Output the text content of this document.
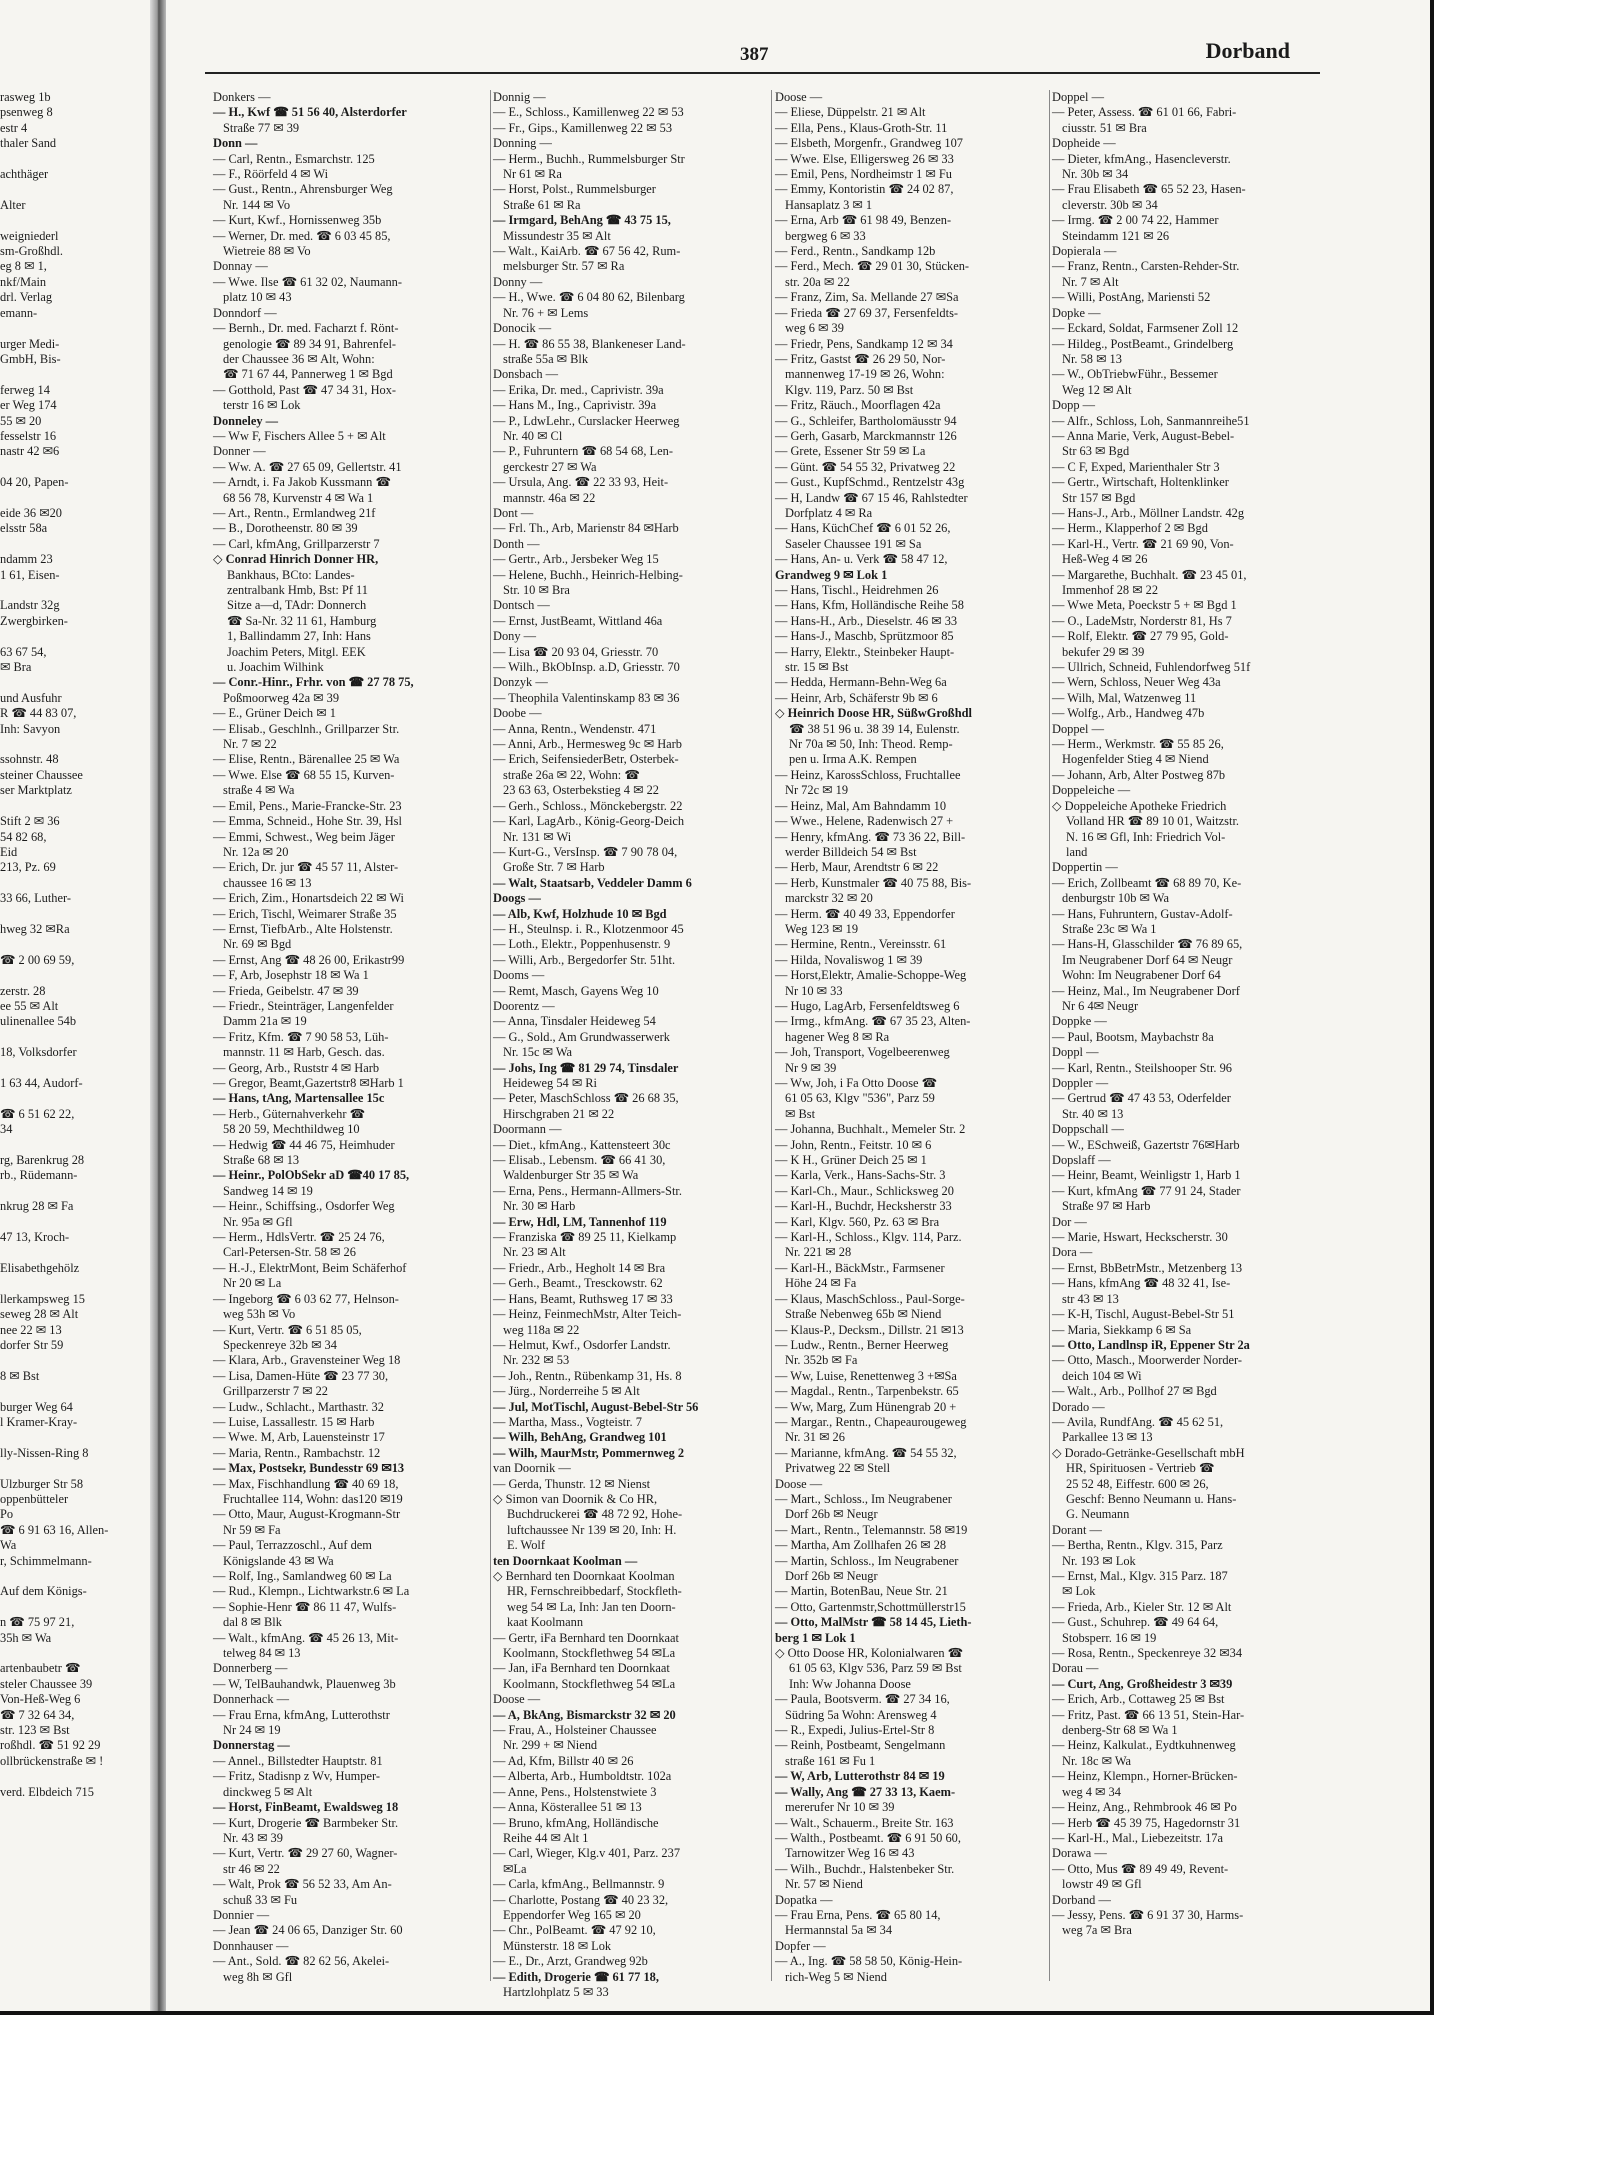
387	Dorband
rasweg 1b
psenweg 8
estr 4
thaler Sand

achthäger

Alter

weigniederl
sm-Großhdl.
eg 8 ✉ 1,
nkf/Main
drl. Verlag
emann-

urger Medi-
GmbH, Bis-

ferweg 14
er Weg 174
55 ✉ 20
fesselstr 16
nastr 42 ✉6

04 20, Papen-

eide 36 ✉20
elsstr 58a

ndamm 23
1 61, Eisen-

Landstr 32g
Zwergbirken-

63 67 54,
✉ Bra

und Ausfuhr
R ☎ 44 83 07,
Inh: Savyon

ssohnstr. 48
steiner Chaussee
ser Marktplatz

Stift 2 ✉ 36
54 82 68,
Eid
213, Pz. 69

33 66, Luther-

hweg 32 ✉Ra

☎ 2 00 69 59,

zerstr. 28
ee 55 ✉ Alt
ulinenallee 54b

18, Volksdorfer

1 63 44, Audorf-

☎ 6 51 62 22,
34

rg, Barenkrug 28
rb., Rüdemann-

nkrug 28 ✉ Fa

47 13, Kroch-

Elisabethgehölz

llerkampsweg 15
seweg 28 ✉ Alt
nee 22 ✉ 13
dorfer Str 59

8 ✉ Bst

burger Weg 64
l Kramer-Kray-

lly-Nissen-Ring 8

Ulzburger Str 58
oppenbütteler
Po
☎ 6 91 63 16, Allen-
Wa
r, Schimmelmann-

Auf dem Königs-

n ☎ 75 97 21,
35h ✉ Wa

artenbaubetr ☎
steler Chaussee 39
Von-Heß-Weg 6
☎ 7 32 64 34,
str. 123 ✉ Bst
roßhdl. ☎ 51 92 29
ollbrückenstraße ✉ !

verd. Elbdeich 715
Donkers —
— H., Kwf ☎ 51 56 40, Alsterdorfer
Straße 77 ✉ 39
Donn —
— Carl, Rentn., Esmarchstr. 125
— F., Röörfeld 4 ✉ Wi
— Gust., Rentn., Ahrensburger Weg
Nr. 144 ✉ Vo
— Kurt, Kwf., Hornissenweg 35b
— Werner, Dr. med. ☎ 6 03 45 85,
Wietreie 88 ✉ Vo
Donnay —
— Wwe. Ilse ☎ 61 32 02, Naumann-
platz 10 ✉ 43
Donndorf —
— Bernh., Dr. med. Facharzt f. Rönt-
genologie ☎ 89 34 91, Bahrenfel-
der Chaussee 36 ✉ Alt, Wohn:
☎ 71 67 44, Pannerweg 1 ✉ Bgd
— Gotthold, Past ☎ 47 34 31, Hox-
terstr 16 ✉ Lok
Donneley —
— Ww F, Fischers Allee 5 + ✉ Alt
Donner —
— Ww. A. ☎ 27 65 09, Gellertstr. 41
— Arndt, i. Fa Jakob Kussmann ☎
68 56 78, Kurvenstr 4 ✉ Wa 1
— Art., Rentn., Ermlandweg 21f
— B., Dorotheenstr. 80 ✉ 39
— Carl, kfmAng, Grillparzerstr 7
◇ Conrad Hinrich Donner HR,
Bankhaus, BCto: Landes-
zentralbank Hmb, Bst: Pf 11
Sitze a—d, TAdr: Donnerch
☎ Sa-Nr. 32 11 61, Hamburg
1, Ballindamm 27, Inh: Hans
Joachim Peters, Mitgl. EEK
u. Joachim Wilhink
— Conr.-Hinr., Frhr. von ☎ 27 78 75,
Poßmoorweg 42a ✉ 39
— E., Grüner Deich ✉ 1
— Elisab., Geschlnh., Grillparzer Str.
Nr. 7 ✉ 22
— Elise, Rentn., Bärenallee 25 ✉ Wa
— Wwe. Else ☎ 68 55 15, Kurven-
straße 4 ✉ Wa
— Emil, Pens., Marie-Francke-Str. 23
— Emma, Schneid., Hohe Str. 39, Hsl
— Emmi, Schwest., Weg beim Jäger
Nr. 12a ✉ 20
— Erich, Dr. jur ☎ 45 57 11, Alster-
chaussee 16 ✉ 13
— Erich, Zim., Honartsdeich 22 ✉ Wi
— Erich, Tischl, Weimarer Straße 35
— Ernst, TiefbArb., Alte Holstenstr.
Nr. 69 ✉ Bgd
— Ernst, Ang ☎ 48 26 00, Erikastr99
— F, Arb, Josephstr 18 ✉ Wa 1
— Frieda, Geibelstr. 47 ✉ 39
— Friedr., Steinträger, Langenfelder
Damm 21a ✉ 19
— Fritz, Kfm. ☎ 7 90 58 53, Lüh-
mannstr. 11 ✉ Harb, Gesch. das.
— Georg, Arb., Ruststr 4 ✉ Harb
— Gregor, Beamt,Gazertstr8 ✉Harb 1
— Hans, tAng, Martensallee 15c
— Herb., Güternahverkehr ☎
58 20 59, Mechthildweg 10
— Hedwig ☎ 44 46 75, Heimhuder
Straße 68 ✉ 13
— Heinr., PolObSekr aD ☎40 17 85,
Sandweg 14 ✉ 19
— Heinr., Schiffsing., Osdorfer Weg
Nr. 95a ✉ Gfl
— Herm., HdlsVertr. ☎ 25 24 76,
Carl-Petersen-Str. 58 ✉ 26
— H.-J., ElektrMont, Beim Schäferhof
Nr 20 ✉ La
— Ingeborg ☎ 6 03 62 77, Helnson-
weg 53h ✉ Vo
— Kurt, Vertr. ☎ 6 51 85 05,
Speckenreye 32b ✉ 34
— Klara, Arb., Gravensteiner Weg 18
— Lisa, Damen-Hüte ☎ 23 77 30,
Grillparzerstr 7 ✉ 22
— Ludw., Schlacht., Marthastr. 32
— Luise, Lassallestr. 15 ✉ Harb
— Wwe. M, Arb, Lauensteinstr 17
— Maria, Rentn., Rambachstr. 12
— Max, Postsekr, Bundesstr 69 ✉13
— Max, Fischhandlung ☎ 40 69 18,
Fruchtallee 114, Wohn: das120 ✉19
— Otto, Maur, August-Krogmann-Str
Nr 59 ✉ Fa
— Paul, Terrazzoschl., Auf dem
Königslande 43 ✉ Wa
— Rolf, Ing., Samlandweg 60 ✉ La
— Rud., Klempn., Lichtwarkstr.6 ✉ La
— Sophie-Henr ☎ 86 11 47, Wulfs-
dal 8 ✉ Blk
— Walt., kfmAng. ☎ 45 26 13, Mit-
telweg 84 ✉ 13
Donnerberg —
— W, TelBauhandwk, Plauenweg 3b
Donnerhack —
— Frau Erna, kfmAng, Lutterothstr
Nr 24 ✉ 19
Donnerstag —
— Annel., Billstedter Hauptstr. 81
— Fritz, Stadisnp z Wv, Humper-
dinckweg 5 ✉ Alt
— Horst, FinBeamt, Ewaldsweg 18
— Kurt, Drogerie ☎ Barmbeker Str.
Nr. 43 ✉ 39
— Kurt, Vertr. ☎ 29 27 60, Wagner-
str 46 ✉ 22
— Walt, Prok ☎ 56 52 33, Am An-
schuß 33 ✉ Fu
Donnier —
— Jean ☎ 24 06 65, Danziger Str. 60
Donnhauser —
— Ant., Sold. ☎ 82 62 56, Akelei-
weg 8h ✉ Gfl
Donnig —
— E., Schloss., Kamillenweg 22 ✉ 53
— Fr., Gips., Kamillenweg 22 ✉ 53
Donning —
— Herm., Buchh., Rummelsburger Str
Nr 61 ✉ Ra
— Horst, Polst., Rummelsburger
Straße 61 ✉ Ra
— Irmgard, BehAng ☎ 43 75 15,
Missundestr 35 ✉ Alt
— Walt., KaiArb. ☎ 67 56 42, Rum-
melsburger Str. 57 ✉ Ra
Donny —
— H., Wwe. ☎ 6 04 80 62, Bilenbarg
Nr. 76 + ✉ Lems
Donocik —
— H. ☎ 86 55 38, Blankeneser Land-
straße 55a ✉ Blk
Donsbach —
— Erika, Dr. med., Caprivistr. 39a
— Hans M., Ing., Caprivistr. 39a
— P., LdwLehr., Curslacker Heerweg
Nr. 40 ✉ Cl
— P., Fuhruntern ☎ 68 54 68, Len-
gerckestr 27 ✉ Wa
— Ursula, Ang. ☎ 22 33 93, Heit-
mannstr. 46a ✉ 22
Dont —
— Frl. Th., Arb, Marienstr 84 ✉Harb
Donth —
— Gertr., Arb., Jersbeker Weg 15
— Helene, Buchh., Heinrich-Helbing-
Str. 10 ✉ Bra
Dontsch —
— Ernst, JustBeamt, Wittland 46a
Dony —
— Lisa ☎ 20 93 04, Griesstr. 70
— Wilh., BkObInsp. a.D, Griesstr. 70
Donzyk —
— Theophila Valentinskamp 83 ✉ 36
Doobe —
— Anna, Rentn., Wendenstr. 471
— Anni, Arb., Hermesweg 9c ✉ Harb
— Erich, SeifensiederBetr, Osterbek-
straße 26a ✉ 22, Wohn: ☎
23 63 63, Osterbekstieg 4 ✉ 22
— Gerh., Schloss., Mönckebergstr. 22
— Karl, LagArb., König-Georg-Deich
Nr. 131 ✉ Wi
— Kurt-G., VersInsp. ☎ 7 90 78 04,
Große Str. 7 ✉ Harb
— Walt, Staatsarb, Veddeler Damm 6
Doogs —
— Alb, Kwf, Holzhude 10 ✉ Bgd
— H., Steulnsp. i. R., Klotzenmoor 45
— Loth., Elektr., Poppenhusenstr. 9
— Willi, Arb., Bergedorfer Str. 51ht.
Dooms —
— Remt, Masch, Gayens Weg 10
Doorentz —
— Anna, Tinsdaler Heideweg 54
— G., Sold., Am Grundwasserwerk
Nr. 15c ✉ Wa
— Johs, Ing ☎ 81 29 74, Tinsdaler
Heideweg 54 ✉ Ri
— Peter, MaschSchloss ☎ 26 68 35,
Hirschgraben 21 ✉ 22
Doormann —
— Diet., kfmAng., Kattensteert 30c
— Elisab., Lebensm. ☎ 66 41 30,
Waldenburger Str 35 ✉ Wa
— Erna, Pens., Hermann-Allmers-Str.
Nr. 30 ✉ Harb
— Erw, Hdl, LM, Tannenhof 119
— Franziska ☎ 89 25 11, Kielkamp
Nr. 23 ✉ Alt
— Friedr., Arb., Hegholt 14 ✉ Bra
— Gerh., Beamt., Tresckowstr. 62
— Hans, Beamt, Ruthsweg 17 ✉ 33
— Heinz, FeinmechMstr, Alter Teich-
weg 118a ✉ 22
— Helmut, Kwf., Osdorfer Landstr.
Nr. 232 ✉ 53
— Joh., Rentn., Rübenkamp 31, Hs. 8
— Jürg., Norderreihe 5 ✉ Alt
— Jul, MotTischl, August-Bebel-Str 56
— Martha, Mass., Vogteistr. 7
— Wilh, BehAng, Grandweg 101
— Wilh, MaurMstr, Pommernweg 2
van Doornik —
— Gerda, Thunstr. 12 ✉ Nienst
◇ Simon van Doornik & Co HR,
Buchdruckerei ☎ 48 72 92, Hohe-
luftchaussee Nr 139 ✉ 20, Inh: H.
E. Wolf
ten Doornkaat Koolman —
◇ Bernhard ten Doornkaat Koolman
HR, Fernschreibbedarf, Stockfleth-
weg 54 ✉ La, Inh: Jan ten Doorn-
kaat Koolmann
— Gertr, iFa Bernhard ten Doornkaat
Koolmann, Stockflethweg 54 ✉La
— Jan, iFa Bernhard ten Doornkaat
Koolmann, Stockflethweg 54 ✉La
Doose —
— A, BkAng, Bismarckstr 32 ✉ 20
— Frau, A., Holsteiner Chaussee
Nr. 299 + ✉ Niend
— Ad, Kfm, Billstr 40 ✉ 26
— Alberta, Arb., Humboldtstr. 102a
— Anne, Pens., Holstenstwiete 3
— Anna, Kösterallee 51 ✉ 13
— Bruno, kfmAng, Holländische
Reihe 44 ✉ Alt 1
— Carl, Wieger, Klg.v 401, Parz. 237
✉La
— Carla, kfmAng., Bellmannstr. 9
— Charlotte, Postang ☎ 40 23 32,
Eppendorfer Weg 165 ✉ 20
— Chr., PolBeamt. ☎ 47 92 10,
Münsterstr. 18 ✉ Lok
— E., Dr., Arzt, Grandweg 92b
— Edith, Drogerie ☎ 61 77 18,
Hartzlohplatz 5 ✉ 33
Doose —
— Eliese, Düppelstr. 21 ✉ Alt
— Ella, Pens., Klaus-Groth-Str. 11
— Elsbeth, Morgenfr., Grandweg 107
— Wwe. Else, Elligersweg 26 ✉ 33
— Emil, Pens, Nordheimstr 1 ✉ Fu
— Emmy, Kontoristin ☎ 24 02 87,
Hansaplatz 3 ✉ 1
— Erna, Arb ☎ 61 98 49, Benzen-
bergweg 6 ✉ 33
— Ferd., Rentn., Sandkamp 12b
— Ferd., Mech. ☎ 29 01 30, Stücken-
str. 20a ✉ 22
— Franz, Zim, Sa. Mellande 27 ✉Sa
— Frieda ☎ 27 69 37, Fersenfeldts-
weg 6 ✉ 39
— Friedr, Pens, Sandkamp 12 ✉ 34
— Fritz, Gastst ☎ 26 29 50, Nor-
mannenweg 17-19 ✉ 26, Wohn:
Klgv. 119, Parz. 50 ✉ Bst
— Fritz, Räuch., Moorflagen 42a
— G., Schleifer, Bartholomäusstr 94
— Gerh, Gasarb, Marckmannstr 126
— Grete, Essener Str 59 ✉ La
— Günt. ☎ 54 55 32, Privatweg 22
— Gust., KupfSchmd., Rentzelstr 43g
— H, Landw ☎ 67 15 46, Rahlstedter
Dorfplatz 4 ✉ Ra
— Hans, KüchChef ☎ 6 01 52 26,
Saseler Chaussee 191 ✉ Sa
— Hans, An- u. Verk ☎ 58 47 12,
Grandweg 9 ✉ Lok 1
— Hans, Tischl., Heidrehmen 26
— Hans, Kfm, Holländische Reihe 58
— Hans-H., Arb., Dieselstr. 46 ✉ 33
— Hans-J., Maschb, Sprützmoor 85
— Harry, Elektr., Steinbeker Haupt-
str. 15 ✉ Bst
— Hedda, Hermann-Behn-Weg 6a
— Heinr, Arb, Schäferstr 9b ✉ 6
◇ Heinrich Doose HR, SüßwGroßhdl
☎ 38 51 96 u. 38 39 14, Eulenstr.
Nr 70a ✉ 50, Inh: Theod. Remp-
pen u. Irma A.K. Rempen
— Heinz, KarossSchloss, Fruchtallee
Nr 72c ✉ 19
— Heinz, Mal, Am Bahndamm 10
— Wwe., Helene, Radenwisch 27 +
— Henry, kfmAng. ☎ 73 36 22, Bill-
werder Billdeich 54 ✉ Bst
— Herb, Maur, Arendtstr 6 ✉ 22
— Herb, Kunstmaler ☎ 40 75 88, Bis-
marckstr 32 ✉ 20
— Herm. ☎ 40 49 33, Eppendorfer
Weg 123 ✉ 19
— Hermine, Rentn., Vereinsstr. 61
— Hilda, Novaliswog 1 ✉ 39
— Horst,Elektr, Amalie-Schoppe-Weg
Nr 10 ✉ 33
— Hugo, LagArb, Fersenfeldtsweg 6
— Irmg., kfmAng. ☎ 67 35 23, Alten-
hagener Weg 8 ✉ Ra
— Joh, Transport, Vogelbeerenweg
Nr 9 ✉ 39
— Ww, Joh, i Fa Otto Doose ☎
61 05 63, Klgv "536", Parz 59
✉ Bst
— Johanna, Buchhalt., Memeler Str. 2
— John, Rentn., Feitstr. 10 ✉ 6
— K H., Grüner Deich 25 ✉ 1
— Karla, Verk., Hans-Sachs-Str. 3
— Karl-Ch., Maur., Schlicksweg 20
— Karl-H., Buchdr, Hecksherstr 33
— Karl, Klgv. 560, Pz. 63 ✉ Bra
— Karl-H., Schloss., Klgv. 114, Parz.
Nr. 221 ✉ 28
— Karl-H., BäckMstr., Farmsener
Höhe 24 ✉ Fa
— Klaus, MaschSchloss., Paul-Sorge-
Straße Nebenweg 65b ✉ Niend
— Klaus-P., Decksm., Dillstr. 21 ✉13
— Ludw., Rentn., Berner Heerweg
Nr. 352b ✉ Fa
— Ww, Luise, Renettenweg 3 +✉Sa
— Magdal., Rentn., Tarpenbekstr. 65
— Ww, Marg, Zum Hünengrab 20 +
— Margar., Rentn., Chapeaurougeweg
Nr. 31 ✉ 26
— Marianne, kfmAng. ☎ 54 55 32,
Privatweg 22 ✉ Stell
Doose —
— Mart., Schloss., Im Neugrabener
Dorf 26b ✉ Neugr
— Mart., Rentn., Telemannstr. 58 ✉19
— Martha, Am Zollhafen 26 ✉ 28
— Martin, Schloss., Im Neugrabener
Dorf 26b ✉ Neugr
— Martin, BotenBau, Neue Str. 21
— Otto, Gartenmstr,Schottmüllerstr15
— Otto, MalMstr ☎ 58 14 45, Lieth-
berg 1 ✉ Lok 1
◇ Otto Doose HR, Kolonialwaren ☎
61 05 63, Klgv 536, Parz 59 ✉ Bst
Inh: Ww Johanna Doose
— Paula, Bootsverm. ☎ 27 34 16,
Südring 5a Wohn: Arensweg 4
— R., Expedi, Julius-Ertel-Str 8
— Reinh, Postbeamt, Sengelmann
straße 161 ✉ Fu 1
— W, Arb, Lutterothstr 84 ✉ 19
— Wally, Ang ☎ 27 33 13, Kaem-
mererufer Nr 10 ✉ 39
— Walt., Schauerm., Breite Str. 163
— Walth., Postbeamt. ☎ 6 91 50 60,
Tarnowitzer Weg 16 ✉ 43
— Wilh., Buchdr., Halstenbeker Str.
Nr. 57 ✉ Niend
Dopatka —
— Frau Erna, Pens. ☎ 65 80 14,
Hermannstal 5a ✉ 34
Dopfer —
— A., Ing. ☎ 58 58 50, König-Hein-
rich-Weg 5 ✉ Niend
Doppel —
— Peter, Assess. ☎ 61 01 66, Fabri-
ciusstr. 51 ✉ Bra
Dopheide —
— Dieter, kfmAng., Hasencleverstr.
Nr. 30b ✉ 34
— Frau Elisabeth ☎ 65 52 23, Hasen-
cleverstr. 30b ✉ 34
— Irmg. ☎ 2 00 74 22, Hammer
Steindamm 121 ✉ 26
Dopierala —
— Franz, Rentn., Carsten-Rehder-Str.
Nr. 7 ✉ Alt
— Willi, PostAng, Mariensti 52
Dopke —
— Eckard, Soldat, Farmsener Zoll 12
— Hildeg., PostBeamt., Grindelberg
Nr. 58 ✉ 13
— W., ObTriebwFühr., Bessemer
Weg 12 ✉ Alt
Dopp —
— Alfr., Schloss, Loh, Sanmannreihe51
— Anna Marie, Verk, August-Bebel-
Str 63 ✉ Bgd
— C F, Exped, Marienthaler Str 3
— Gertr., Wirtschaft, Holtenklinker
Str 157 ✉ Bgd
— Hans-J., Arb., Möllner Landstr. 42g
— Herm., Klapperhof 2 ✉ Bgd
— Karl-H., Vertr. ☎ 21 69 90, Von-
Heß-Weg 4 ✉ 26
— Margarethe, Buchhalt. ☎ 23 45 01,
Immenhof 28 ✉ 22
— Wwe Meta, Poeckstr 5 + ✉ Bgd 1
— O., LadeMstr, Norderstr 81, Hs 7
— Rolf, Elektr. ☎ 27 79 95, Gold-
bekufer 29 ✉ 39
— Ullrich, Schneid, Fuhlendorfweg 51f
— Wern, Schloss, Neuer Weg 43a
— Wilh, Mal, Watzenweg 11
— Wolfg., Arb., Handweg 47b
Doppel —
— Herm., Werkmstr. ☎ 55 85 26,
Hogenfelder Stieg 4 ✉ Niend
— Johann, Arb, Alter Postweg 87b
Doppeleiche —
◇ Doppeleiche Apotheke Friedrich
Volland HR ☎ 89 10 01, Waitzstr.
N. 16 ✉ Gfl, Inh: Friedrich Vol-
land
Doppertin —
— Erich, Zollbeamt ☎ 68 89 70, Ke-
denburgstr 10b ✉ Wa
— Hans, Fuhruntern, Gustav-Adolf-
Straße 23c ✉ Wa 1
— Hans-H, Glasschilder ☎ 76 89 65,
Im Neugrabener Dorf 64 ✉ Neugr
Wohn: Im Neugrabener Dorf 64
— Heinz, Mal., Im Neugrabener Dorf
Nr 6 4✉ Neugr
Doppke —
— Paul, Bootsm, Maybachstr 8a
Doppl —
— Karl, Rentn., Steilshooper Str. 96
Doppler —
— Gertrud ☎ 47 43 53, Oderfelder
Str. 40 ✉ 13
Doppschall —
— W., ESchweiß, Gazertstr 76✉Harb
Dopslaff —
— Heinr, Beamt, Weinligstr 1, Harb 1
— Kurt, kfmAng ☎ 77 91 24, Stader
Straße 97 ✉ Harb
Dor —
— Marie, Hswart, Heckscherstr. 30
Dora —
— Ernst, BbBetrMstr., Metzenberg 13
— Hans, kfmAng ☎ 48 32 41, Ise-
str 43 ✉ 13
— K-H, Tischl, August-Bebel-Str 51
— Maria, Siekkamp 6 ✉ Sa
— Otto, Landlnsp iR, Eppener Str 2a
— Otto, Masch., Moorwerder Norder-
deich 104 ✉ Wi
— Walt., Arb., Pollhof 27 ✉ Bgd
Dorado —
— Avila, RundfAng. ☎ 45 62 51,
Parkallee 13 ✉ 13
◇ Dorado-Getränke-Gesellschaft mbH
HR, Spirituosen - Vertrieb ☎
25 52 48, Eiffestr. 600 ✉ 26,
Geschf: Benno Neumann u. Hans-
G. Neumann
Dorant —
— Bertha, Rentn., Klgv. 315, Parz
Nr. 193 ✉ Lok
— Ernst, Mal., Klgv. 315 Parz. 187
✉ Lok
— Frieda, Arb., Kieler Str. 12 ✉ Alt
— Gust., Schuhrep. ☎ 49 64 64,
Stobsperr. 16 ✉ 19
— Rosa, Rentn., Speckenreye 32 ✉34
Dorau —
— Curt, Ang, Großheidestr 3 ✉39
— Erich, Arb., Cottaweg 25 ✉ Bst
— Fritz, Past. ☎ 66 13 51, Stein-Har-
denberg-Str 68 ✉ Wa 1
— Heinz, Kalkulat., Eydtkuhnenweg
Nr. 18c ✉ Wa
— Heinz, Klempn., Horner-Brücken-
weg 4 ✉ 34
— Heinz, Ang., Rehmbrook 46 ✉ Po
— Herb ☎ 45 39 75, Hagedornstr 31
— Karl-H., Mal., Liebezeitstr. 17a
Dorawa —
— Otto, Mus ☎ 89 49 49, Revent-
lowstr 49 ✉ Gfl
Dorband —
— Jessy, Pens. ☎ 6 91 37 30, Harms-
weg 7a ✉ Bra
